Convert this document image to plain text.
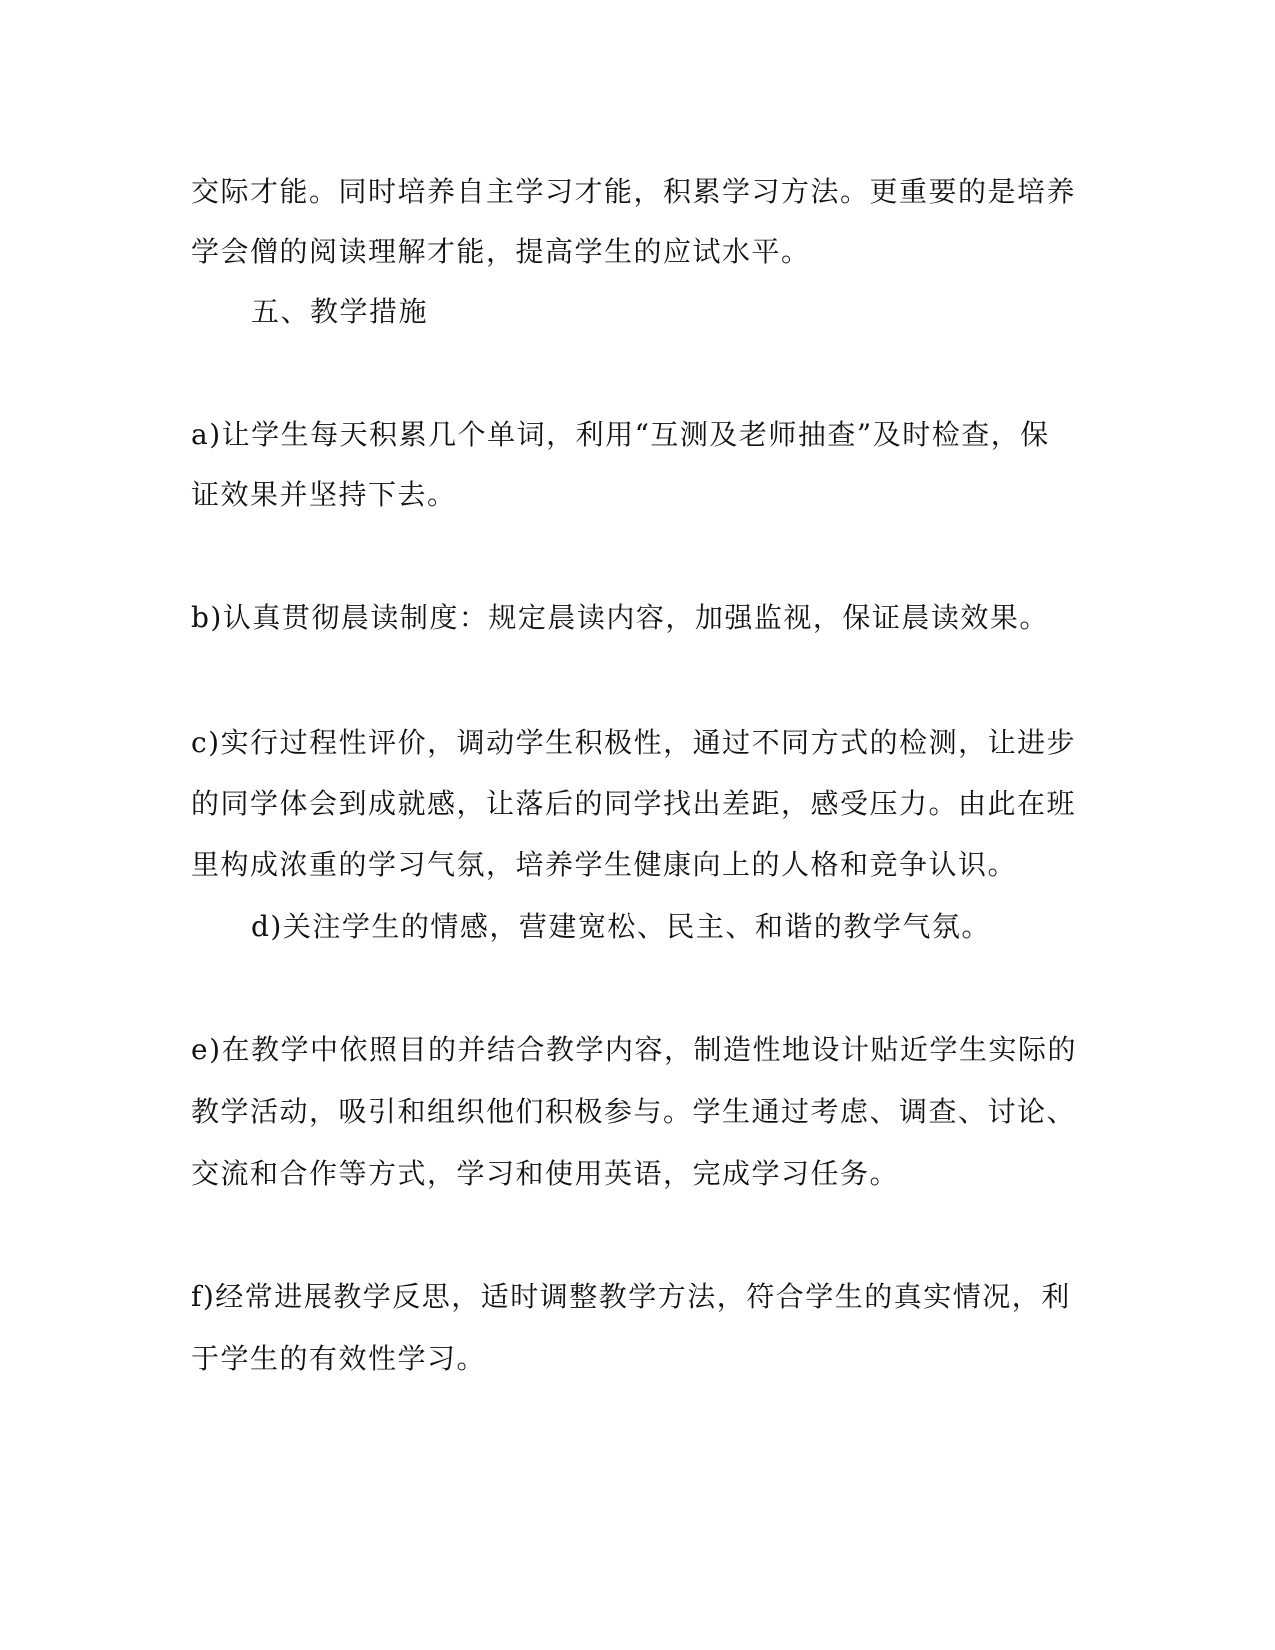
交际才能。同时培养自主学习才能，积累学习方法。更重要的是培养
学会僧的阅读理解才能，提高学生的应试水平。
五、教学措施
a)让学生每天积累几个单词，利用“互测及老师抽查”及时检查，保
证效果并坚持下去。
b)认真贯彻晨读制度：规定晨读内容，加强监视，保证晨读效果。
c)实行过程性评价，调动学生积极性，通过不同方式的检测，让进步
的同学体会到成就感，让落后的同学找出差距，感受压力。由此在班
里构成浓重的学习气氛，培养学生健康向上的人格和竞争认识。
d)关注学生的情感，营建宽松、民主、和谐的教学气氛。
e)在教学中依照目的并结合教学内容，制造性地设计贴近学生实际的
教学活动，吸引和组织他们积极参与。学生通过考虑、调查、讨论、
交流和合作等方式，学习和使用英语，完成学习任务。
f)经常进展教学反思，适时调整教学方法，符合学生的真实情况，利
于学生的有效性学习。
